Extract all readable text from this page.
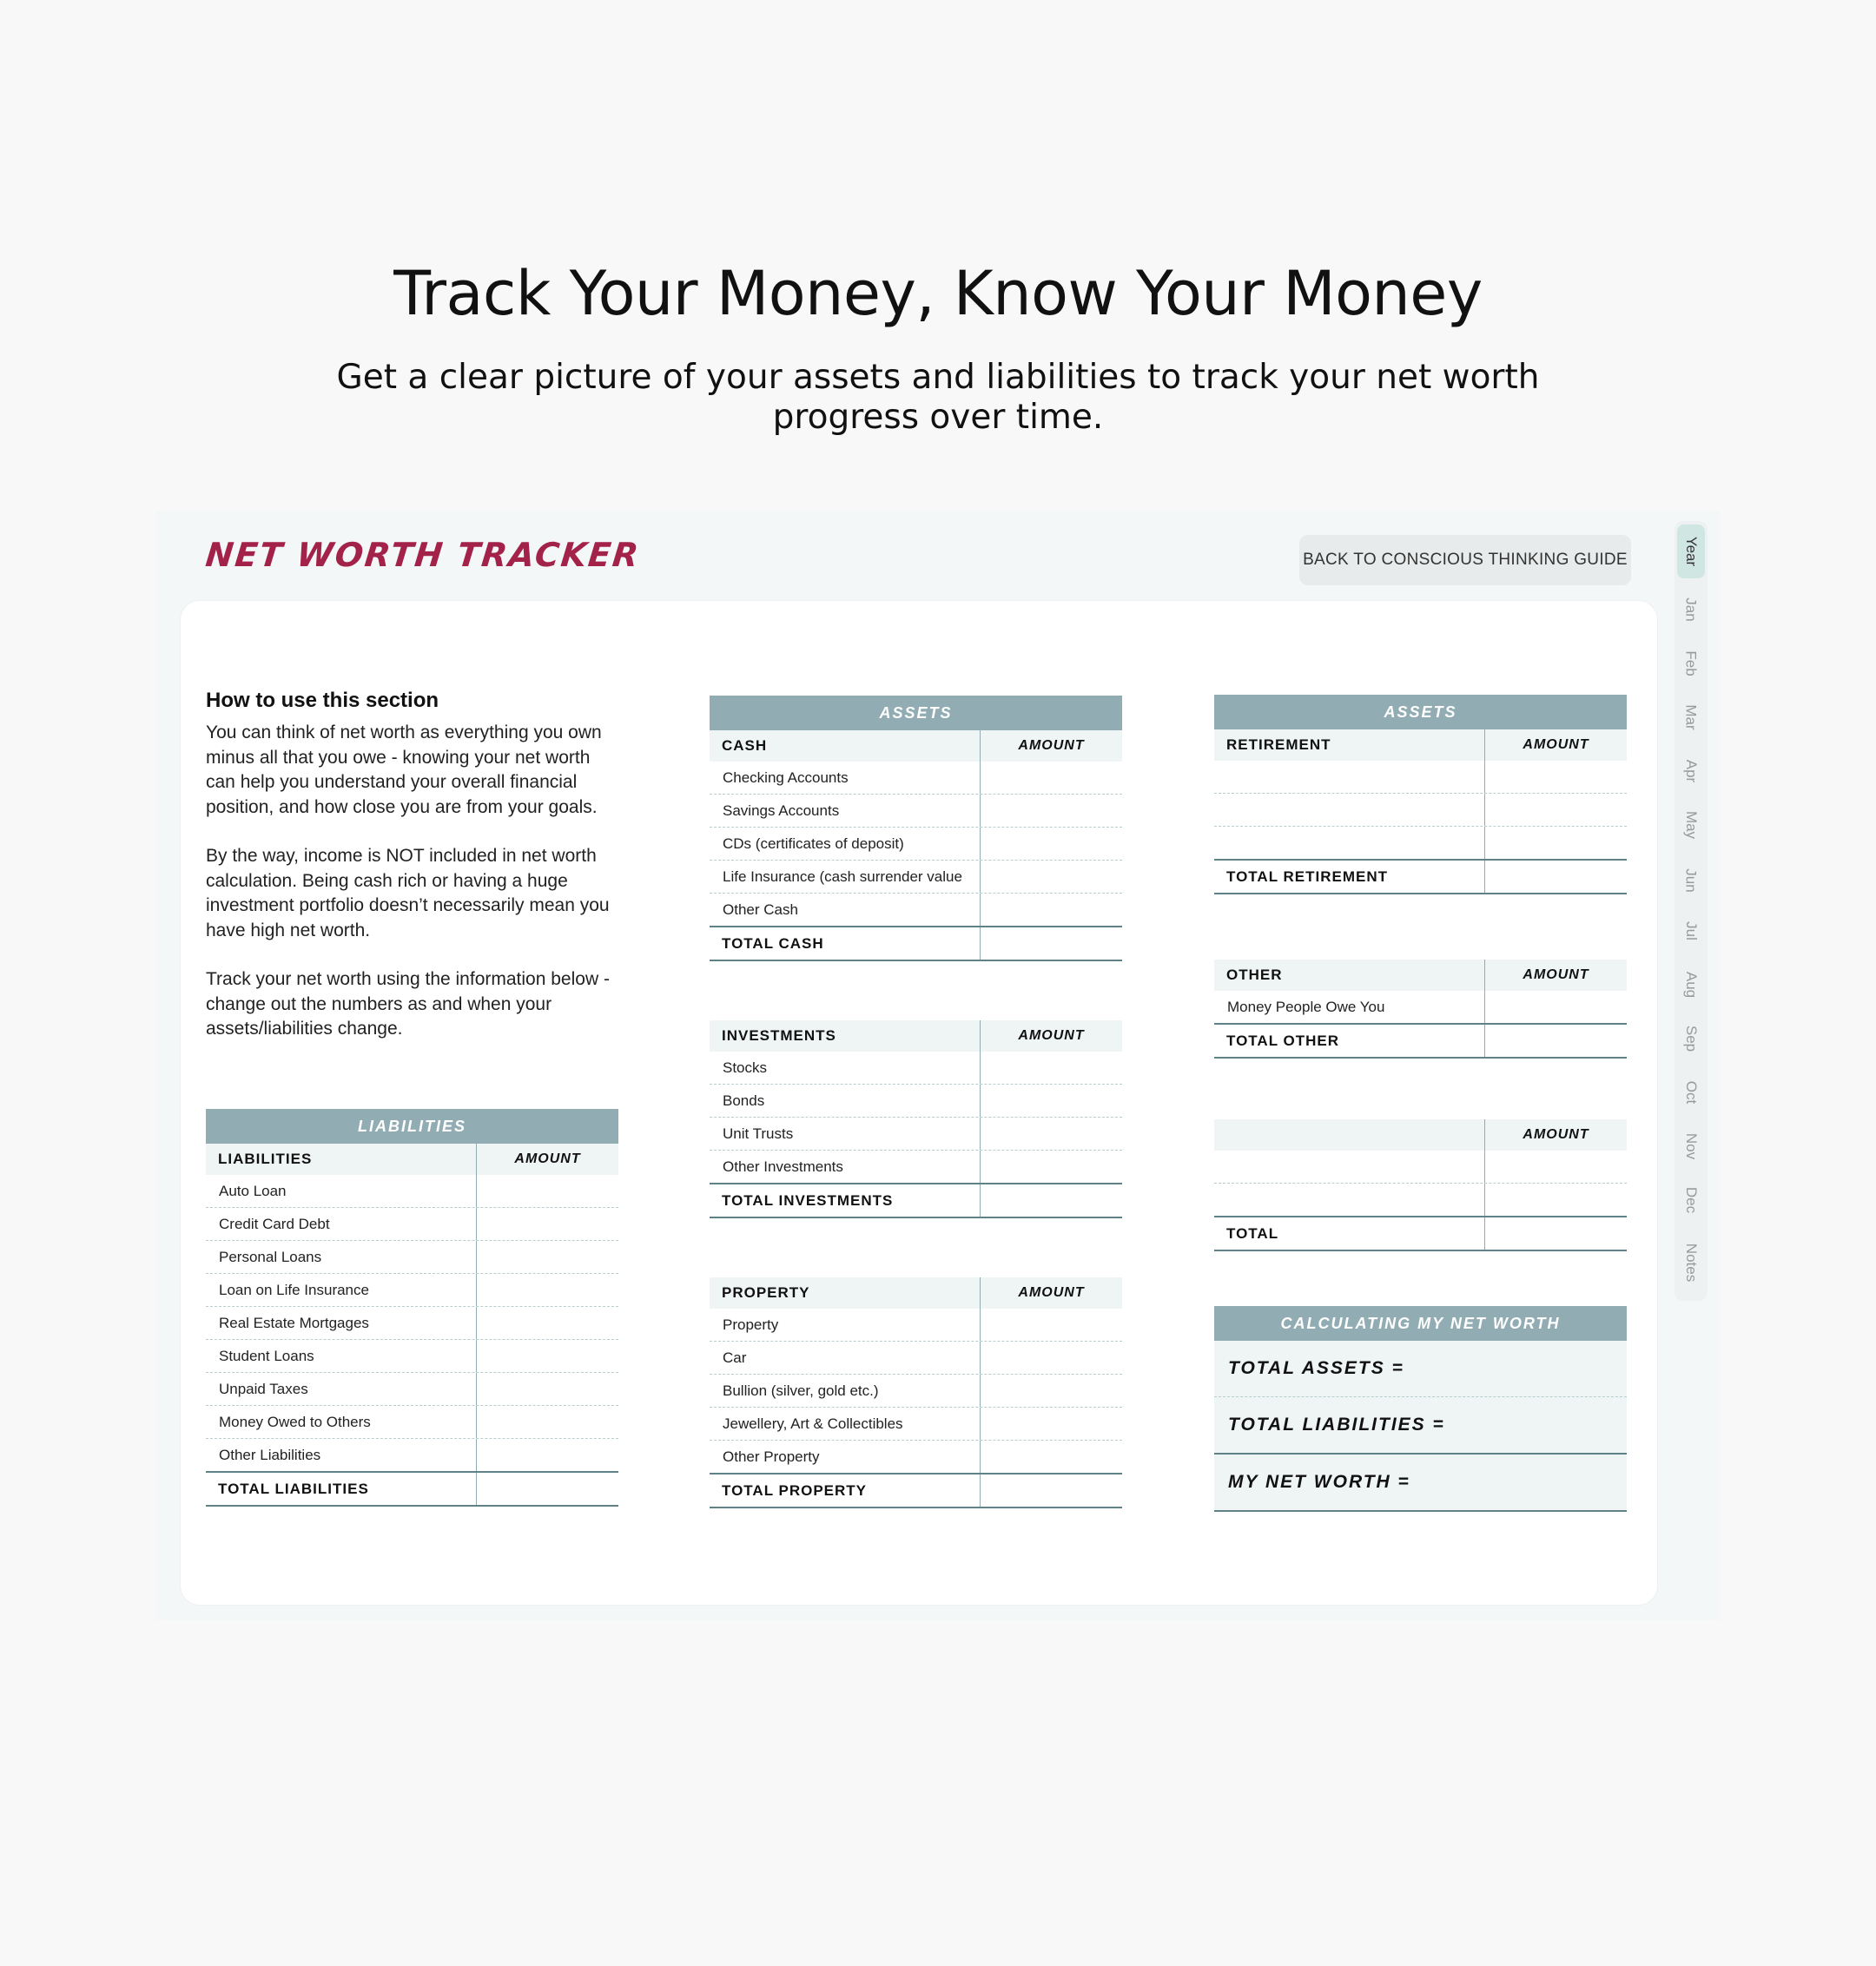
Track Your Money, Know Your Money

Get a clear picture of your assets and liabilities to track your net worth progress over time.

NET WORTH TRACKER	BACK TO CONSCIOUS THINKING GUIDE
How to use this section

You can think of net worth as everything you own minus all that you owe - knowing your net worth can help you understand your overall financial position, and how close you are from your goals.

By the way, income is NOT included in net worth calculation. Being cash rich or having a huge investment portfolio doesn’t necessarily mean you have high net worth.

Track your net worth using the information below - change out the numbers as and when your assets/liabilities change.

LIABILITIES
LIABILITIES	AMOUNT
Auto Loan
Credit Card Debt
Personal Loans
Loan on Life Insurance
Real Estate Mortgages
Student Loans
Unpaid Taxes
Money Owed to Others
Other Liabilities
TOTAL LIABILITIES
ASSETS
CASH	AMOUNT
Checking Accounts
Savings Accounts
CDs (certificates of deposit)
Life Insurance (cash surrender value
Other Cash
TOTAL CASH
INVESTMENTS	AMOUNT
Stocks
Bonds
Unit Trusts
Other Investments
TOTAL INVESTMENTS
PROPERTY	AMOUNT
Property
Car
Bullion (silver, gold etc.)
Jewellery, Art & Collectibles
Other Property
TOTAL PROPERTY
ASSETS
RETIREMENT	AMOUNT
TOTAL RETIREMENT
OTHER	AMOUNT
Money People Owe You
TOTAL OTHER
AMOUNT
TOTAL
CALCULATING MY NET WORTH
TOTAL ASSETS =
TOTAL LIABILITIES =
MY NET WORTH =
Year
Jan
Feb
Mar
Apr
May
Jun
Jul
Aug
Sep
Oct
Nov
Dec
Notes
